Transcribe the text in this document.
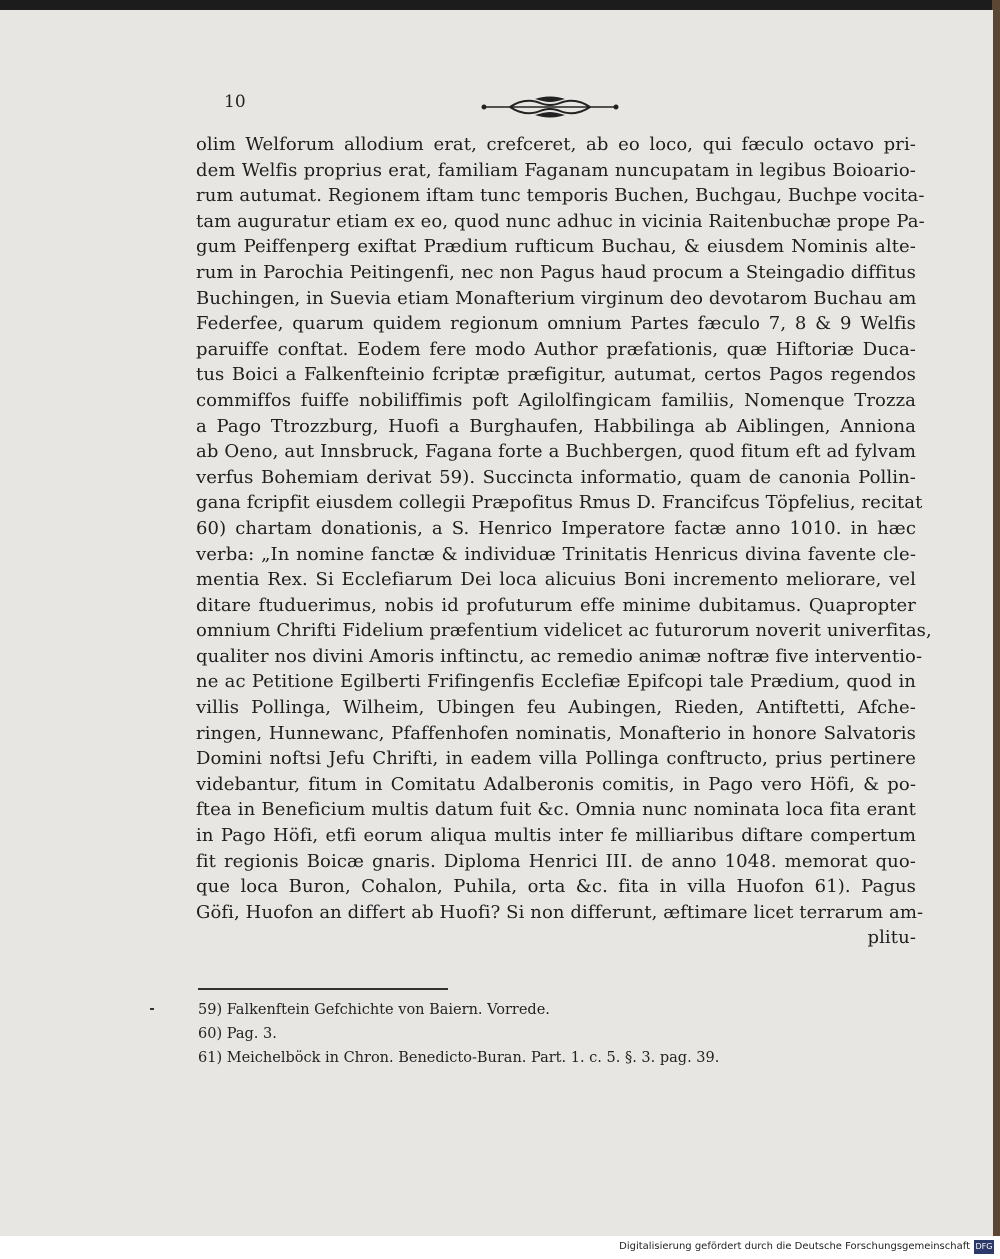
10
olim Welforum allodium erat, crefceret, ab eo loco, qui fæculo octavo pri-
dem Welfis proprius erat, familiam Faganam nuncupatam in legibus Boioario-
rum autumat. Regionem iftam tunc temporis Buchen, Buchgau, Buchpe vocita-
tam auguratur etiam ex eo, quod nunc adhuc in vicinia Raitenbuchæ prope Pa-
gum Peiffenperg exiftat Prædium rufticum Buchau, & eiusdem Nominis alte-
rum in Parochia Peitingenfi, nec non Pagus haud procum a Steingadio diffitus
Buchingen, in Suevia etiam Monafterium virginum deo devotarom Buchau am
Federfee, quarum quidem regionum omnium Partes fæculo 7, 8 & 9 Welfis
paruiffe conftat. Eodem fere modo Author præfationis, quæ Hiftoriæ Duca-
tus Boici a Falkenfteinio fcriptæ præfigitur, autumat, certos Pagos regendos
commiffos fuiffe nobiliffimis poft Agilolfingicam familiis, Nomenque Trozza
a Pago Ttrozzburg, Huofi a Burghaufen, Habbilinga ab Aiblingen, Anniona
ab Oeno, aut Innsbruck, Fagana forte a Buchbergen, quod fitum eft ad fylvam
verfus Bohemiam derivat 59). Succincta informatio, quam de canonia Pollin-
gana fcripfit eiusdem collegii Præpofitus Rmus D. Francifcus Töpfelius, recitat
60) chartam donationis, a S. Henrico Imperatore factæ anno 1010. in hæc
verba: „In nomine fanctæ & individuæ Trinitatis Henricus divina favente cle-
mentia Rex. Si Ecclefiarum Dei loca alicuius Boni incremento meliorare, vel
ditare ftuduerimus, nobis id profuturum effe minime dubitamus. Quapropter
omnium Chrifti Fidelium præfentium videlicet ac futurorum noverit univerfitas,
qualiter nos divini Amoris inftinctu, ac remedio animæ noftræ five interventio-
ne ac Petitione Egilberti Frifingenfis Ecclefiæ Epifcopi tale Prædium, quod in
villis Pollinga, Wilheim, Ubingen feu Aubingen, Rieden, Antiftetti, Afche-
ringen, Hunnewanc, Pfaffenhofen nominatis, Monafterio in honore Salvatoris
Domini noftsi Jefu Chrifti, in eadem villa Pollinga conftructo, prius pertinere
videbantur, fitum in Comitatu Adalberonis comitis, in Pago vero Höfi, & po-
ftea in Beneficium multis datum fuit &c. Omnia nunc nominata loca fita erant
in Pago Höfi, etfi eorum aliqua multis inter fe milliaribus diftare compertum
fit regionis Boicæ gnaris. Diploma Henrici III. de anno 1048. memorat quo-
que loca Buron, Cohalon, Puhila, orta &c. fita in villa Huofon 61). Pagus
Göfi, Huofon an differt ab Huofi? Si non differunt, æftimare licet terrarum am-
plitu-
59) Falkenftein Gefchichte von Baiern. Vorrede.
60) Pag. 3.
61) Meichelböck in Chron. Benedicto-Buran. Part. 1. c. 5. §. 3. pag. 39.
Digitalisierung gefördert durch die Deutsche Forschungsgemeinschaft DFG
